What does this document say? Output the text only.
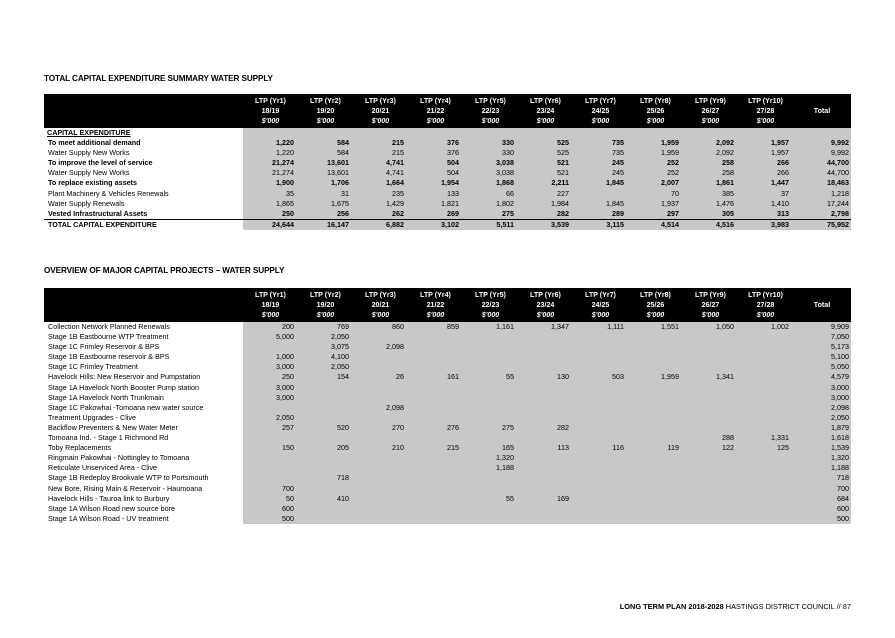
TOTAL CAPITAL EXPENDITURE SUMMARY WATER SUPPLY
	LTP (Yr1)	LTP (Yr2)	LTP (Yr3)	LTP (Yr4)	LTP (Yr5)	LTP (Yr6)	LTP (Yr7)	LTP (Yr8)	LTP (Yr9)	LTP (Yr10)	
	18/19	19/20	20/21	21/22	22/23	23/24	24/25	25/26	26/27	27/28	Total
	$'000	$'000	$'000	$'000	$'000	$'000	$'000	$'000	$'000	$'000	
CAPITAL EXPENDITURE											
To meet additional demand	1,220	584	215	376	330	525	735	1,959	2,092	1,957	9,992
Water Supply New Works	1,220	584	215	376	330	525	735	1,959	2,092	1,957	9,992
To improve the level of service	21,274	13,601	4,741	504	3,038	521	245	252	258	266	44,700
Water Supply New Works	21,274	13,601	4,741	504	3,038	521	245	252	258	266	44,700
To replace existing assets	1,900	1,706	1,664	1,954	1,868	2,211	1,845	2,007	1,861	1,447	18,463
Plant Machinery & Vehicles Renewals	35	31	235	133	66	227		70	385	37	1,218
Water Supply Renewals	1,865	1,675	1,429	1,821	1,802	1,984	1,845	1,937	1,476	1,410	17,244
Vested Infrastructural Assets	250	256	262	269	275	282	289	297	305	313	2,798
TOTAL CAPITAL EXPENDITURE	24,644	16,147	6,882	3,102	5,511	3,539	3,115	4,514	4,516	3,983	75,952
OVERVIEW OF MAJOR CAPITAL PROJECTS – WATER SUPPLY
	LTP (Yr1)	LTP (Yr2)	LTP (Yr3)	LTP (Yr4)	LTP (Yr5)	LTP (Yr6)	LTP (Yr7)	LTP (Yr8)	LTP (Yr9)	LTP (Yr10)	
	18/19	19/20	20/21	21/22	22/23	23/24	24/25	25/26	26/27	27/28	Total
	$'000	$'000	$'000	$'000	$'000	$'000	$'000	$'000	$'000	$'000	
Collection Network Planned Renewals	200	769	860	859	1,161	1,347	1,111	1,551	1,050	1,002	9,909
Stage 1B Eastbourne WTP Treatment	5,000	2,050									7,050
Stage 1C Frimley Reservoir & BPS		3,075	2,098								5,173
Stage 1B Eastbourne reservoir & BPS	1,000	4,100									5,100
Stage 1C Frimley Treatment	3,000	2,050									5,050
Havelock Hills: New Reservoir and Pumpstation	250	154	26	161	55	130	503	1,959	1,341		4,579
Stage 1A Havelock North Booster Pump station	3,000										3,000
Stage 1A Havelock North Trunkmain	3,000										3,000
Stage 1C Pakowhai -Tomoana new water source			2,098								2,098
Treatment Upgrades - Clive	2,050										2,050
Backflow Preventers & New Water Meter	257	520	270	276	275	282					1,879
Tomoana Ind. - Stage 1 Richmond Rd									288	1,331	1,618
Toby Replacements	150	205	210	215	165	113	116	119	122	125	1,539
Ringmain Pakowhai - Nottingley to Tomoana					1,320						1,320
Reticulate Unserviced Area - Clive					1,188						1,188
Stage 1B Redeploy Brookvale WTP to Portsmouth		718									718
New Bore, Rising Main & Reservoir - Haumoana	700										700
Havelock Hills - Tauroa link to Burbury	50	410			55	169					684
Stage 1A Wilson Road new source bore	600										600
Stage 1A Wilson Road - UV treatment	500										500
LONG TERM PLAN 2018-2028 HASTINGS DISTRICT COUNCIL // 87
